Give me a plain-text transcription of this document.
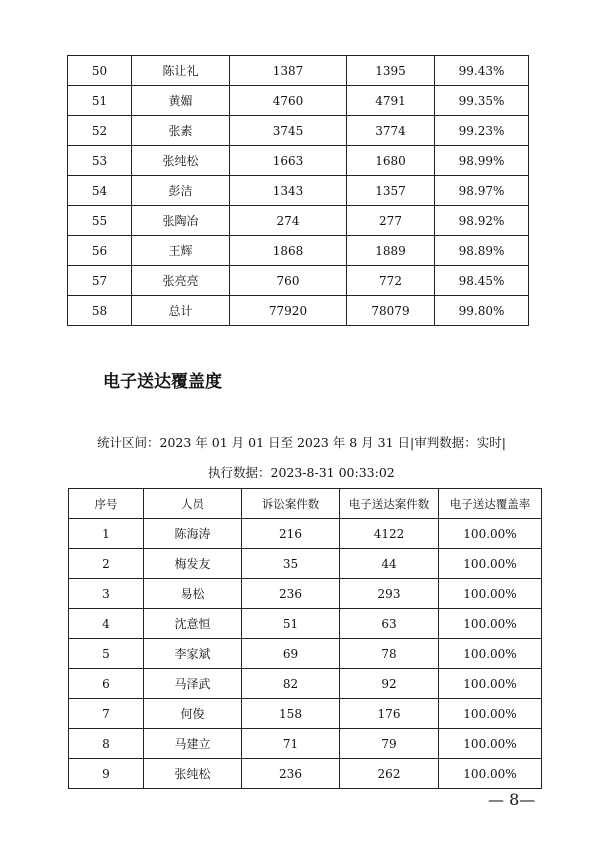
50	陈让礼	1387	1395	99.43%
51	黄媚	4760	4791	99.35%
52	张素	3745	3774	99.23%
53	张纯松	1663	1680	98.99%
54	彭洁	1343	1357	98.97%
55	张陶冶	274	277	98.92%
56	王辉	1868	1889	98.89%
57	张亮亮	760	772	98.45%
58	总计	77920	78079	99.80%
电子送达覆盖度
统计区间：2023 年 01 月 01 日至 2023 年 8 月 31 日|审判数据：实时|
执行数据：2023-8-31 00:33:02
序号	人员	诉讼案件数	电子送达案件数	电子送达覆盖率
1	陈海涛	216	4122	100.00%
2	梅发友	35	44	100.00%
3	易松	236	293	100.00%
4	沈意恒	51	63	100.00%
5	李家斌	69	78	100.00%
6	马泽武	82	92	100.00%
7	何俊	158	176	100.00%
8	马建立	71	79	100.00%
9	张纯松	236	262	100.00%
— 8—
